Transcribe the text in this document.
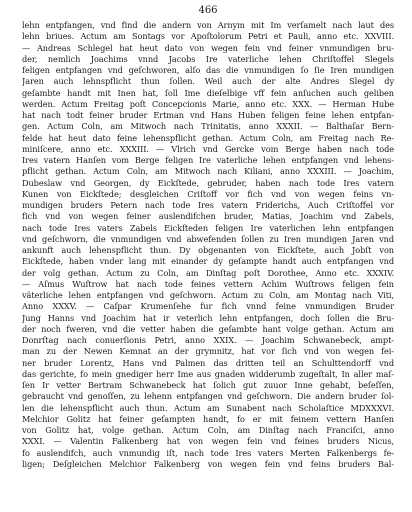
466
lehn entpfangen, vnd find die andern von Arnym mit Im verſamelt nach laut des
lehn briues. Actum am Sontags vor Apoſtolorum Petri et Pauli, anno etc. XXVIII.
— Andreas Schlegel hat heut dato von wegen fein vnd feiner vnmundigen bru-
der, nemlich Joachims vnnd Jacobs Ire vaterliche lehen Chriſtoffel Slegels
feligen entpfangen vnd geſchworen, alſo das die vnmundigen ſo ſie Iren mundigen
Jaren auch lehnspflicht thun ſollen. Weil auch der alte Andres Slegel dy
geſambte handt mit Inen hat, ſoll Ime dieſelbige vff fein anſuchen auch geliben
werden. Actum Freitag poſt Concepcionis Marie, anno etc. XXX. — Herman Hube
hat nach todt feiner bruder Ertman vnd Hans Huben feligen feine lehen entpfan-
gen. Actum Coln, am Mitwoch nach Trinitatis, anno XXXII. — Balthaſar Bern-
felde hat heut dato feine lehenspflicht gethan. Actum Coln, am Freitag nach Re-
miniſcere, anno etc. XXXIII. — Vlrich vnd Gercke vom Berge haben nach tode
Ires vatern Hanſen vom Berge feligen Ire vaterliche lehen entpfangen vnd lehens-
pflicht gethan. Actum Coln, am Mitwoch nach Kiliani, anno XXXIII. — Joachim,
Dubeslaw vnd Georgen, dy Eickſtede, gebruder, haben nach tode Ires vatern
Kunen von Eickſtede; desgleichen Criſtoff vor fich vnd von wegen feins vn-
mundigen bruders Petern nach tode Ires vatern Friderichs, Auch Criſtoffel vor
fich vnd von wegen feiner auslendifchen bruder, Matias, Joachim vnd Zabels,
nach tode Ires vaters Zabels Eickſteden feligen Ire vaterlichen lehn entpfangen
vnd geſchworn, die vnmundigen vnd abwefenden ſollen zu Iren mundigen Jaren vnd
ankunft auch lehenspflicht thun. Dy obgenanten von Eickſtete, auch Jobſt von
Eickſtede, haben vnder lang mit einander dy geſampte handt auch entpfangen vnd
der volg gethan. Actum zu Coln, am Dinſtag poſt Dorothee, Anno etc. XXXIV.
— Aſmus Wuſtrow hat nach tode feines vettern Achim Wuſtrows feligen fein
väterliche lehen entpfangen vnd geſchworn. Actum zu Coln, am Montag nach Viti,
Anno XXXV. — Caſpar Krumenſehe fur fich vnnd feine vnmundigen Bruder
Jung Hanns vnd Joachim hat ir veterlich lehn entpfangen, doch ſollen die Bru-
der noch fweren, vnd die vetter haben die geſambte hant volge gethan. Actum am
Donrſtag nach conuerſionis Petri, anno XXIX. — Joachim Schwanebeck, ampt-
man zu der Newen Kemnat an der grymnitz, hat vor ſich vnd von wegen fei-
ner bruder Lorentz, Hans vnd Palmen das dritten teil an Schulttendorff vnd
das gerichte, fo mein gnediger herr Ime aus gnaden widderumb zugeſtalt, In aller maſ-
ſen Ir vetter Bertram Schwanebeck hat ſolich gut zuuor Inne gehabt, beſeſſen,
gebraucht vnd genoſſen, zu lehenn entpfangen vnd geſchworn. Die andern bruder ſol-
len die lehenspflicht auch thun. Actum am Sunabent nach Scholaſtice MDXXXVI.
Melchior Golitz hat feiner geſampten handt, fo er mit feinem vettern Hanſen
von Golitz hat, volge gethan. Actum Coln, am Dinſtag nach Franciſci, anno
XXXI. — Valentin Falkenberg hat von wegen fein vnd feines bruders Nicus,
fo auslendifch, auch vnmundig iſt, nach tode Ires vaters Merten Falkenbergs fe-
ligen; Deſgleichen Melchior Falkenberg von wegen fein vnd feins bruders Bal-
